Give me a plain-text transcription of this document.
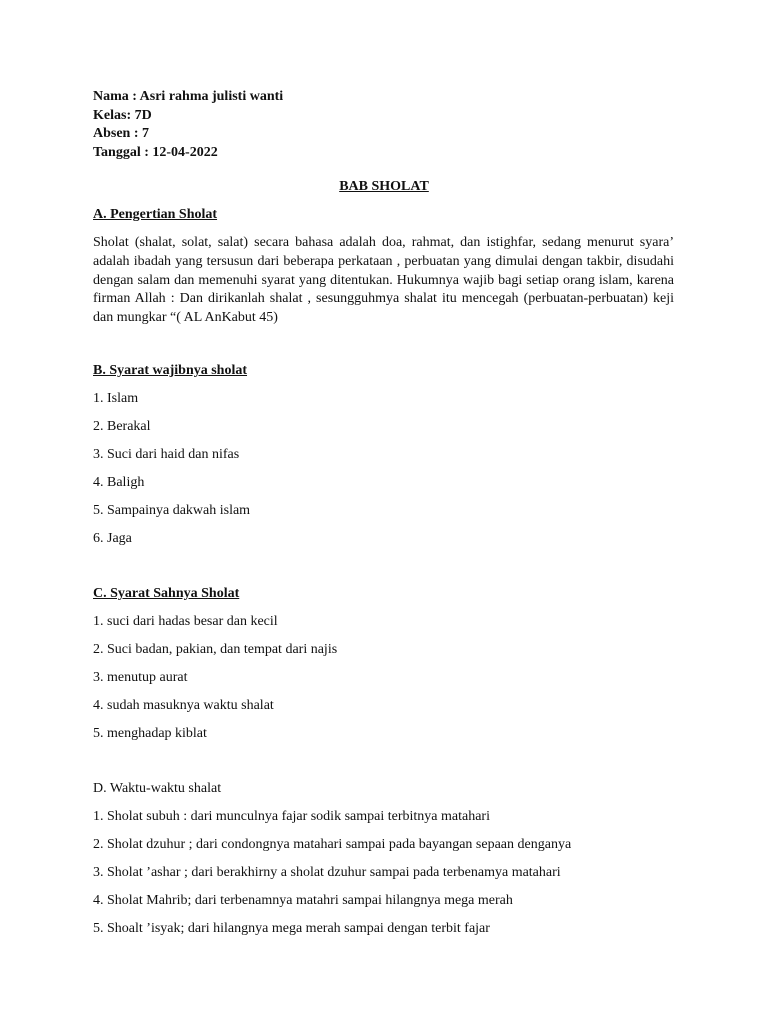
Nama : Asri rahma julisti wanti
Kelas: 7D
Absen : 7
Tanggal : 12-04-2022
BAB SHOLAT
A. Pengertian Sholat
Sholat (shalat, solat, salat) secara bahasa adalah doa, rahmat, dan istighfar, sedang menurut syara’ adalah ibadah yang tersusun dari beberapa perkataan , perbuatan yang dimulai dengan takbir, disudahi dengan salam dan memenuhi syarat yang ditentukan. Hukumnya wajib bagi setiap orang islam, karena firman Allah : Dan dirikanlah shalat , sesungguhmya shalat itu mencegah (perbuatan-perbuatan) keji dan mungkar “( AL AnKabut 45)
B. Syarat wajibnya sholat
1. Islam
2. Berakal
3. Suci dari haid dan nifas
4. Baligh
5. Sampainya dakwah islam
6. Jaga
C. Syarat Sahnya Sholat
1. suci dari hadas besar dan kecil
2. Suci badan, pakian, dan tempat dari najis
3. menutup aurat
4. sudah masuknya waktu shalat
5. menghadap kiblat
D. Waktu-waktu shalat
1. Sholat subuh : dari munculnya fajar sodik sampai terbitnya matahari
2. Sholat dzuhur ; dari condongnya matahari sampai pada bayangan sepaan denganya
3. Sholat ’ashar ; dari berakhirny a sholat dzuhur sampai pada terbenamya matahari
4. Sholat Mahrib; dari terbenamnya matahri sampai hilangnya mega merah
5. Shoalt ’isyak; dari hilangnya mega merah sampai dengan terbit fajar
